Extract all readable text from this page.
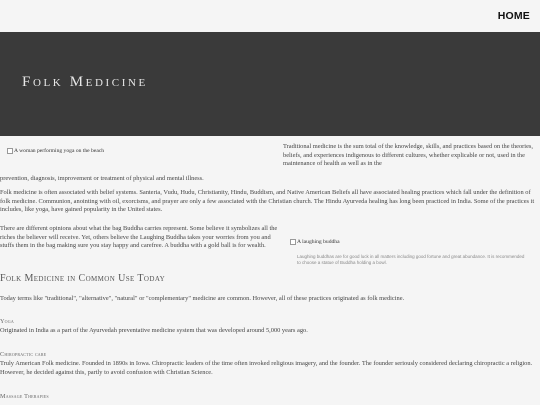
HOME
Folk Medicine
A woman performing yoga on the beach
Traditional medicine is the sum total of the knowledge, skills, and practices based on the theories, beliefs, and experiences indigenous to different cultures, whether explicable or not, used in the maintenance of health as well as in the
prevention, diagnosis, improvement or treatment of physical and mental illness.
Folk medicine is often associated with belief systems. Santeria, Vudu, Hudu, Christianity, Hindu, Buddism, and Native American Beliefs all have associated healing practices which fall under the definition of folk medicine. Communion, anointing with oil, exorcisms, and prayer are only a few associated with the Christian church. The Hindu Ayurveda healing has long been practiced in India. Some of the practices it includes, like yoga, have gained popularity in the United states.
There are different opinions about what the bag Buddha carries represent. Some believe it symbolizes all the riches the believer will receive. Yet, others believe the Laughing Buddha takes your worries from you and stuffs them in the bag making sure you stay happy and carefree. A buddha with a gold ball is for wealth.
A laughing buddha
Laughing buddhas are for good luck in all matters including good fortune and great abundance. It is recommended to choose a statue of Buddha holding a bowl.
Folk Medicine in Common Use Today
Today terms like "traditional", "alternative", "natural" or "complementary" medicine are common. However, all of these practices originated as folk medicine.
Yoga
Originated in India as a part of the Ayurvedah preventative medicine system that was developed around 5,000 years ago.
Chiropractic care
Truly American Folk medicine. Founded in 1890s in Iowa. Chiropractic leaders of the time often invoked religious imagery, and the founder. The founder seriously considered declaring chiropractic a religion. However, he decided against this, partly to avoid confusion with Christian Science.
Massage Therapies
